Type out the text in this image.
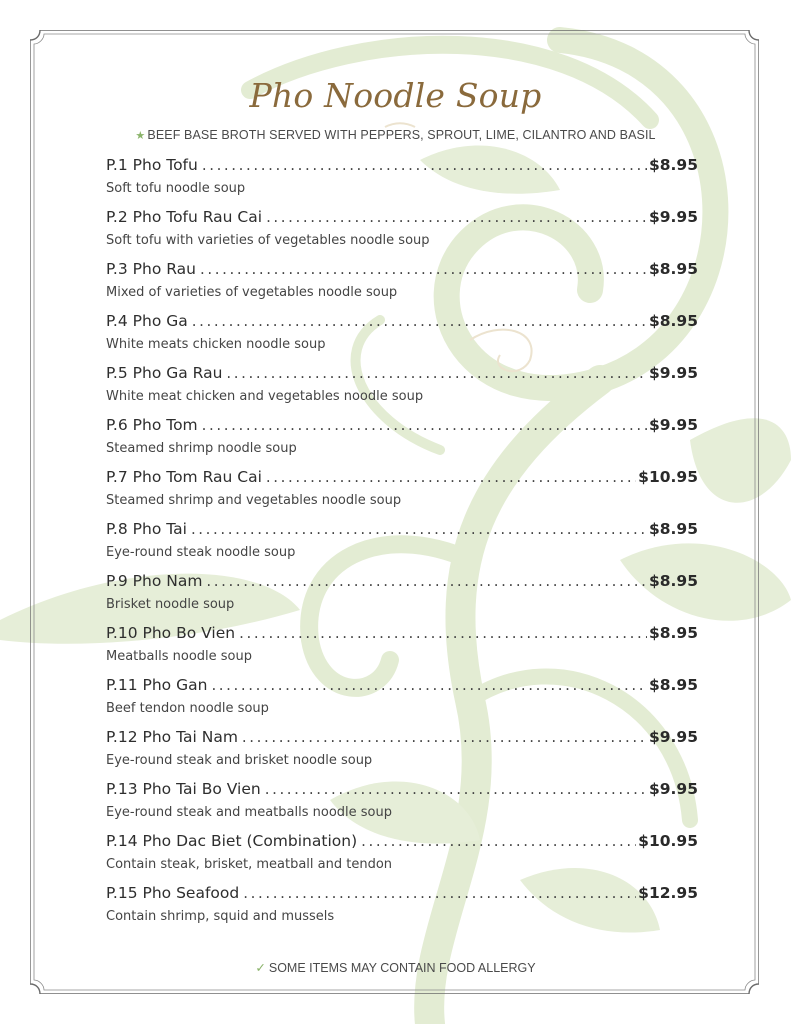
Pho Noodle Soup
★ BEEF BASE BROTH SERVED WITH PEPPERS, SPROUT, LIME, CILANTRO AND BASIL
P.1 Pho Tofu .....	$8.95
Soft tofu noodle soup
P.2 Pho Tofu Rau Cai .....	$9.95
Soft tofu with varieties of vegetables noodle soup
P.3 Pho Rau .....	$8.95
Mixed of varieties of vegetables noodle soup
P.4 Pho Ga .....	$8.95
White meats chicken noodle soup
P.5 Pho Ga Rau .....	$9.95
White meat chicken and vegetables noodle soup
P.6 Pho Tom .....	$9.95
Steamed shrimp noodle soup
P.7 Pho Tom Rau Cai .....	$10.95
Steamed shrimp and vegetables noodle soup
P.8 Pho Tai .....	$8.95
Eye-round steak noodle soup
P.9 Pho Nam .....	$8.95
Brisket noodle soup
P.10 Pho Bo Vien .....	$8.95
Meatballs noodle soup
P.11 Pho Gan .....	$8.95
Beef tendon noodle soup
P.12 Pho Tai Nam .....	$9.95
Eye-round steak and brisket noodle soup
P.13 Pho Tai Bo Vien .....	$9.95
Eye-round steak and meatballs noodle soup
P.14 Pho Dac Biet (Combination) .....	$10.95
Contain steak, brisket, meatball and tendon
P.15 Pho Seafood .....	$12.95
Contain shrimp, squid and mussels
✓ SOME ITEMS MAY CONTAIN FOOD ALLERGY
